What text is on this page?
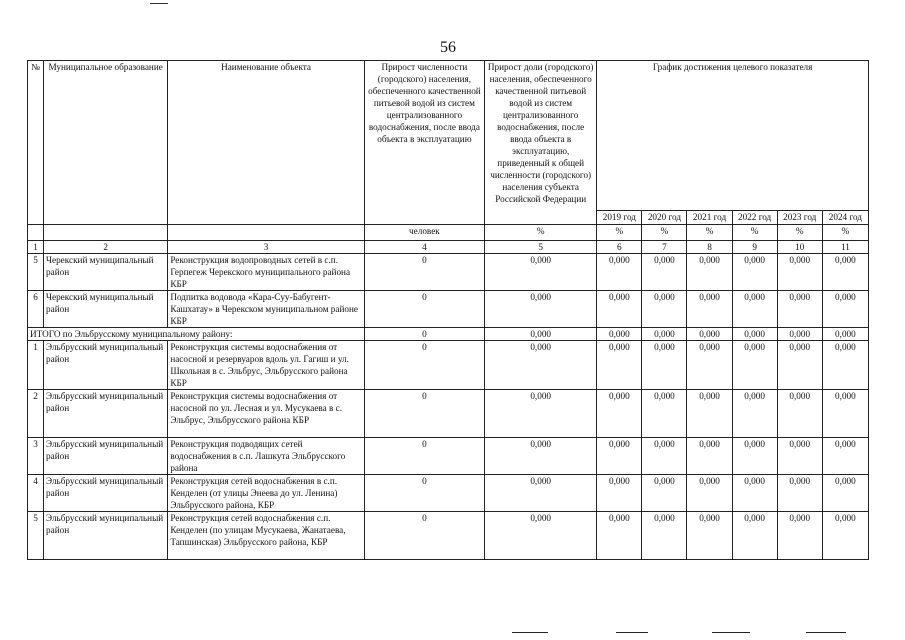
56
№	Муниципальное образование	Наименование объекта	Прирост численности (городского) населения, обеспеченного качественной питьевой водой из систем централизованного водоснабжения, после ввода объекта в эксплуатацию	Прирост доли (городского) населения, обеспеченного качественной питьевой водой из систем централизованного водоснабжения, после ввода объекта в эксплуатацию, приведенный к общей численности (городского) населения субъекта Российской Федерации	График достижения целевого показателя					
					2019 год	2020 год	2021 год	2022 год	2023 год	2024 год
			человек	%	%	%	%	%	%	%
1	2	3	4	5	6	7	8	9	10	11
5	Черекский муниципальный район	Реконструкция водопроводных сетей в с.п. Герпегеж Черекского муниципального района КБР	0	0,000	0,000	0,000	0,000	0,000	0,000	0,000
6	Черекский муниципальный район	Подпитка водовода «Кара-Суу-Бабугент-Кашхатау» в Черекском муниципальном районе КБР	0	0,000	0,000	0,000	0,000	0,000	0,000	0,000
ИТОГО по Эльбрусскому муниципальному району:			0	0,000	0,000	0,000	0,000	0,000	0,000	0,000
1	Эльбрусский муниципальный район	Реконструкция системы водоснабжения от насосной и резервуаров вдоль ул. Гагиш и ул. Школьная в с. Эльбрус, Эльбрусского района КБР	0	0,000	0,000	0,000	0,000	0,000	0,000	0,000
2	Эльбрусский муниципальный район	Реконструкция системы водоснабжения от насосной по ул. Лесная и ул. Мусукаева в с. Эльбрус, Эльбрусского района КБР	0	0,000	0,000	0,000	0,000	0,000	0,000	0,000
3	Эльбрусский муниципальный район	Реконструкция подводящих сетей водоснабжения в с.п. Лашкута Эльбрусского района	0	0,000	0,000	0,000	0,000	0,000	0,000	0,000
4	Эльбрусский муниципальный район	Реконструкция сетей водоснабжения в с.п. Кенделен (от улицы Энеева до ул. Ленина) Эльбрусского района, КБР	0	0,000	0,000	0,000	0,000	0,000	0,000	0,000
5	Эльбрусский муниципальный район	Реконструкция сетей водоснабжения с.п. Кенделен (по улицам Мусукаева, Жанатаева, Тапшинская) Эльбрусского района, КБР	0	0,000	0,000	0,000	0,000	0,000	0,000	0,000
